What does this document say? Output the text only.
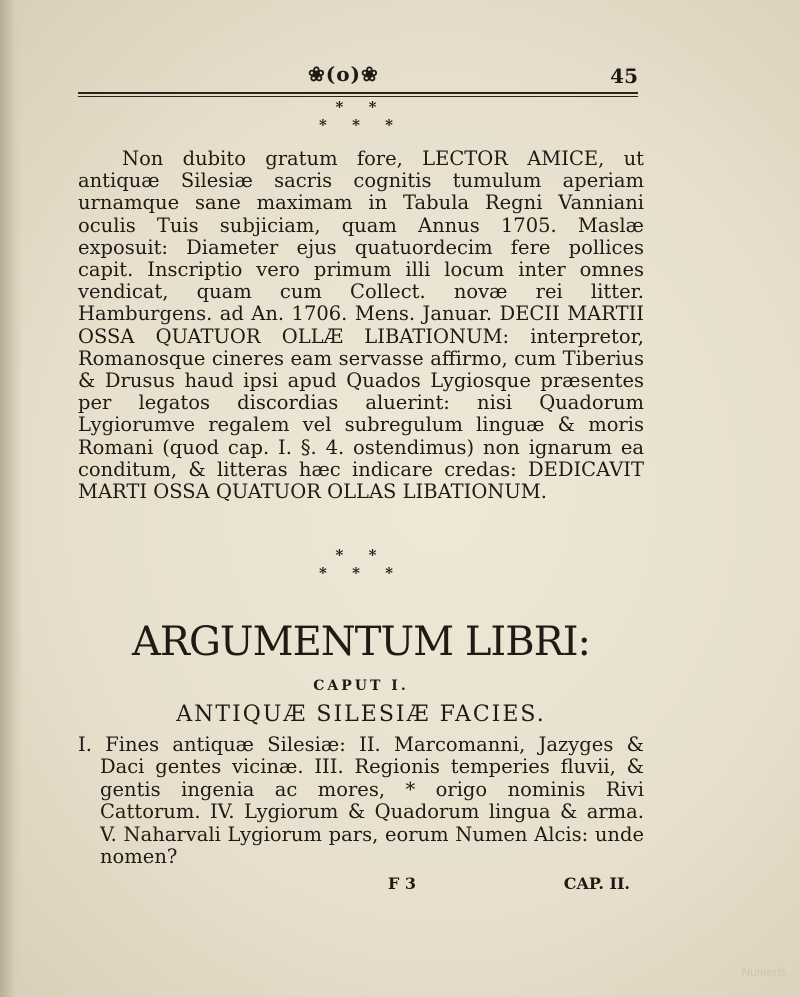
❀(o)❀	45
* *
* * *

Non dubito gratum fore, LECTOR AMICE, ut antiquæ Silesiæ sacris cognitis tumulum aperiam urnamque sane maximam in Tabula Regni Vanniani oculis Tuis subjiciam, quam Annus 1705. Maslæ exposuit: Diameter ejus quatuordecim fere pollices capit. Inscriptio vero primum illi locum inter omnes vendicat, quam cum Collect. novæ rei litter. Hamburgens. ad An. 1706. Mens. Januar. DECII MARTII OSSA QUATUOR OLLÆ LIBATIONUM: interpretor, Romanosque cineres eam servasse affirmo, cum Tiberius & Drusus haud ipsi apud Quados Lygiosque præsentes per legatos discordias aluerint: nisi Quadorum Lygiorumve regalem vel subregulum linguæ & moris Romani (quod cap. I. §. 4. ostendimus) non ignarum ea conditum, & litteras hæc indicare credas: DEDICAVIT MARTI OSSA QUATUOR OLLAS LIBATIONUM.

* *
* * *
ARGUMENTUM LIBRI:
CAPUT I.
ANTIQUÆ SILESIÆ FACIES.

I. Fines antiquæ Silesiæ: II. Marcomanni, Jazyges & Daci gentes vicinæ. III. Regionis temperies fluvii, & gentis ingenia ac mores, * origo nominis Rivi Cattorum. IV. Lygiorum & Quadorum lingua & arma. V. Naharvali Lygiorum pars, eorum Numen Alcis: unde nomen?

F 3	CAP. II.
Numeris
